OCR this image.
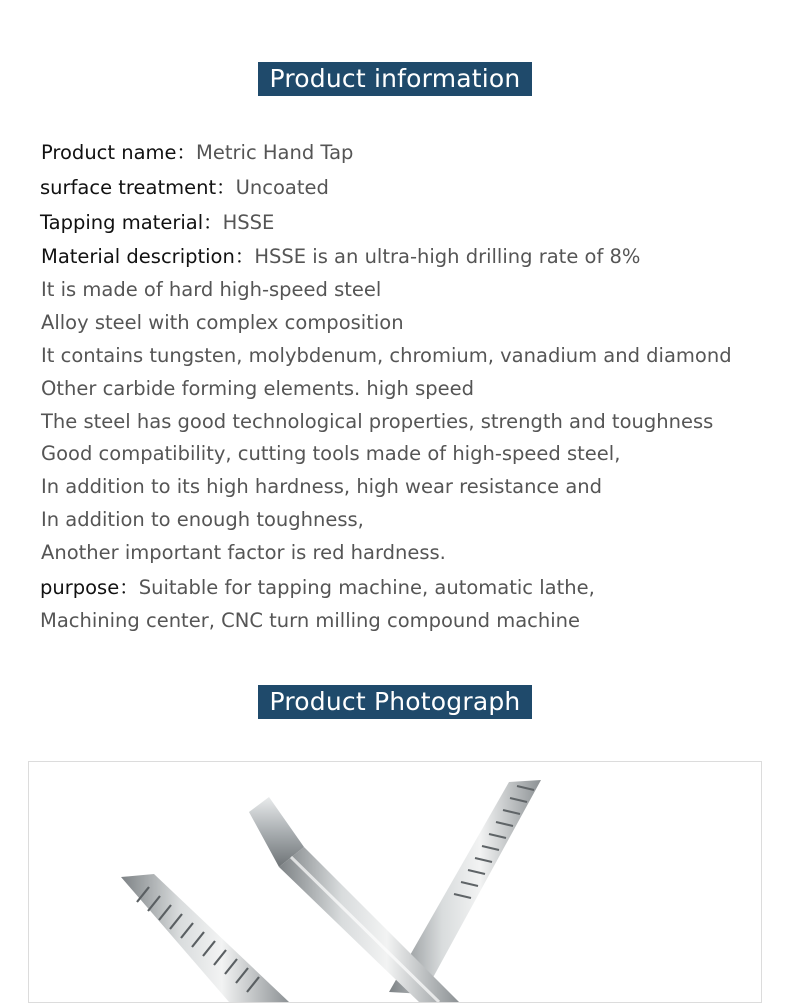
Product information
Product name：Metric Hand Tap
surface treatment：Uncoated
Tapping material：HSSE
Material description：HSSE is an ultra-high drilling rate of 8%
It is made of hard high-speed steel
Alloy steel with complex composition
It contains tungsten, molybdenum, chromium, vanadium and diamond
Other carbide forming elements. high speed
The steel has good technological properties, strength and toughness
Good compatibility, cutting tools made of high-speed steel,
In addition to its high hardness, high wear resistance and
In addition to enough toughness,
Another important factor is red hardness.
purpose：Suitable for tapping machine, automatic lathe,
Machining center, CNC turn milling compound machine
Product Photograph
